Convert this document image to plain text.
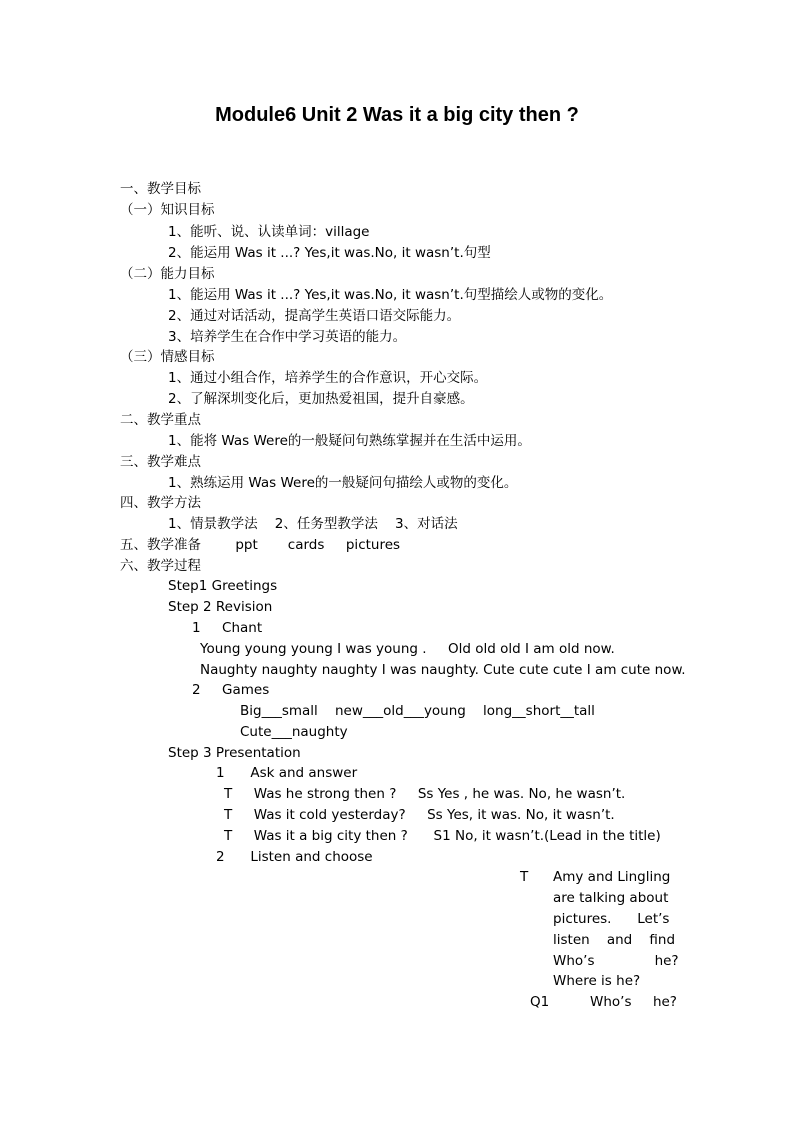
Module6 Unit 2 Was it a big city then ?
一、教学目标
（一）知识目标
1、能听、说、认读单词：village
2、能运用 Was it ...? Yes,it was.No, it wasn’t.句型
（二）能力目标
1、能运用 Was it ...? Yes,it was.No, it wasn’t.句型描绘人或物的变化。
2、通过对话活动，提高学生英语口语交际能力。
3、培养学生在合作中学习英语的能力。
（三）情感目标
1、通过小组合作，培养学生的合作意识，开心交际。
2、了解深圳变化后，更加热爱祖国，提升自豪感。
二、教学重点
1、能将 Was Were的一般疑问句熟练掌握并在生活中运用。
三、教学难点
1、熟练运用 Was Were的一般疑问句描绘人或物的变化。
四、教学方法
1、情景教学法    2、任务型教学法    3、对话法
五、教学准备        ppt       cards     pictures
六、教学过程
Step1 Greetings
Step 2 Revision
1     Chant
Young young young I was young .     Old old old I am old now.
Naughty naughty naughty I was naughty. Cute cute cute I am cute now.
2     Games
Big___small    new___old___young    long__short__tall
Cute___naughty
Step 3 Presentation
1      Ask and answer
T     Was he strong then ?     Ss Yes , he was. No, he wasn’t.
T     Was it cold yesterday?     Ss Yes, it was. No, it wasn’t.
T     Was it a big city then ?      S1 No, it wasn’t.(Lead in the title)
2      Listen and choose
T Amy and Lingling
are talking about
pictures.      Let’s
listen    and    find
Who’s              he?
Where is he?
Q1	Who’s     he?
